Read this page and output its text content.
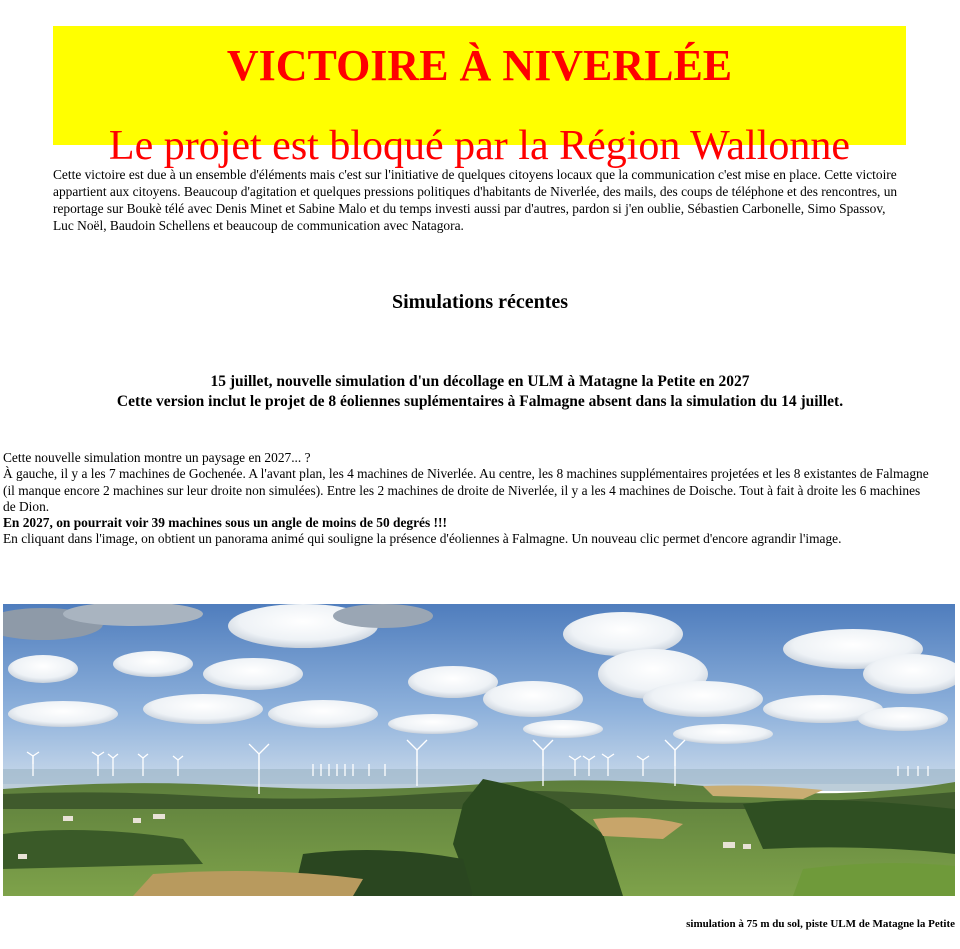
VICTOIRE À NIVERLÉE
Le projet est bloqué par la Région Wallonne
Cette victoire est due à un ensemble d'éléments mais c'est sur l'initiative de quelques citoyens locaux que la communication c'est mise en place. Cette victoire appartient aux citoyens. Beaucoup d'agitation et quelques pressions politiques d'habitants de Niverlée, des mails, des coups de téléphone et des rencontres, un reportage sur Boukè télé avec Denis Minet et Sabine Malo et du temps investi aussi par d'autres, pardon si j'en oublie, Sébastien Carbonelle, Simo Spassov, Luc Noël, Baudoin Schellens et beaucoup de communication avec Natagora.
Simulations récentes
15 juillet, nouvelle simulation d'un décollage en ULM à Matagne la Petite en 2027
Cette version inclut le projet de 8 éoliennes suplémentaires à Falmagne absent dans la simulation du 14 juillet.

Cette nouvelle simulation montre un paysage en 2027... ?

À gauche, il y a les 7 machines de Gochenée. A l'avant plan, les 4 machines de Niverlée. Au centre, les 8 machines supplémentaires projetées et les 8 existantes de Falmagne (il manque encore 2 machines sur leur droite non simulées). Entre les 2 machines de droite de Niverlée, il y a les 4 machines de Doische. Tout à fait à droite les 6 machines de Dion.

En 2027, on pourrait voir 39 machines sous un angle de moins de 50 degrés !!!

En cliquant dans l'image, on obtient un panorama animé qui souligne la présence d'éoliennes à Falmagne. Un nouveau clic permet d'encore agrandir l'image.

simulation à 75 m du sol, piste ULM de Matagne la Petite
